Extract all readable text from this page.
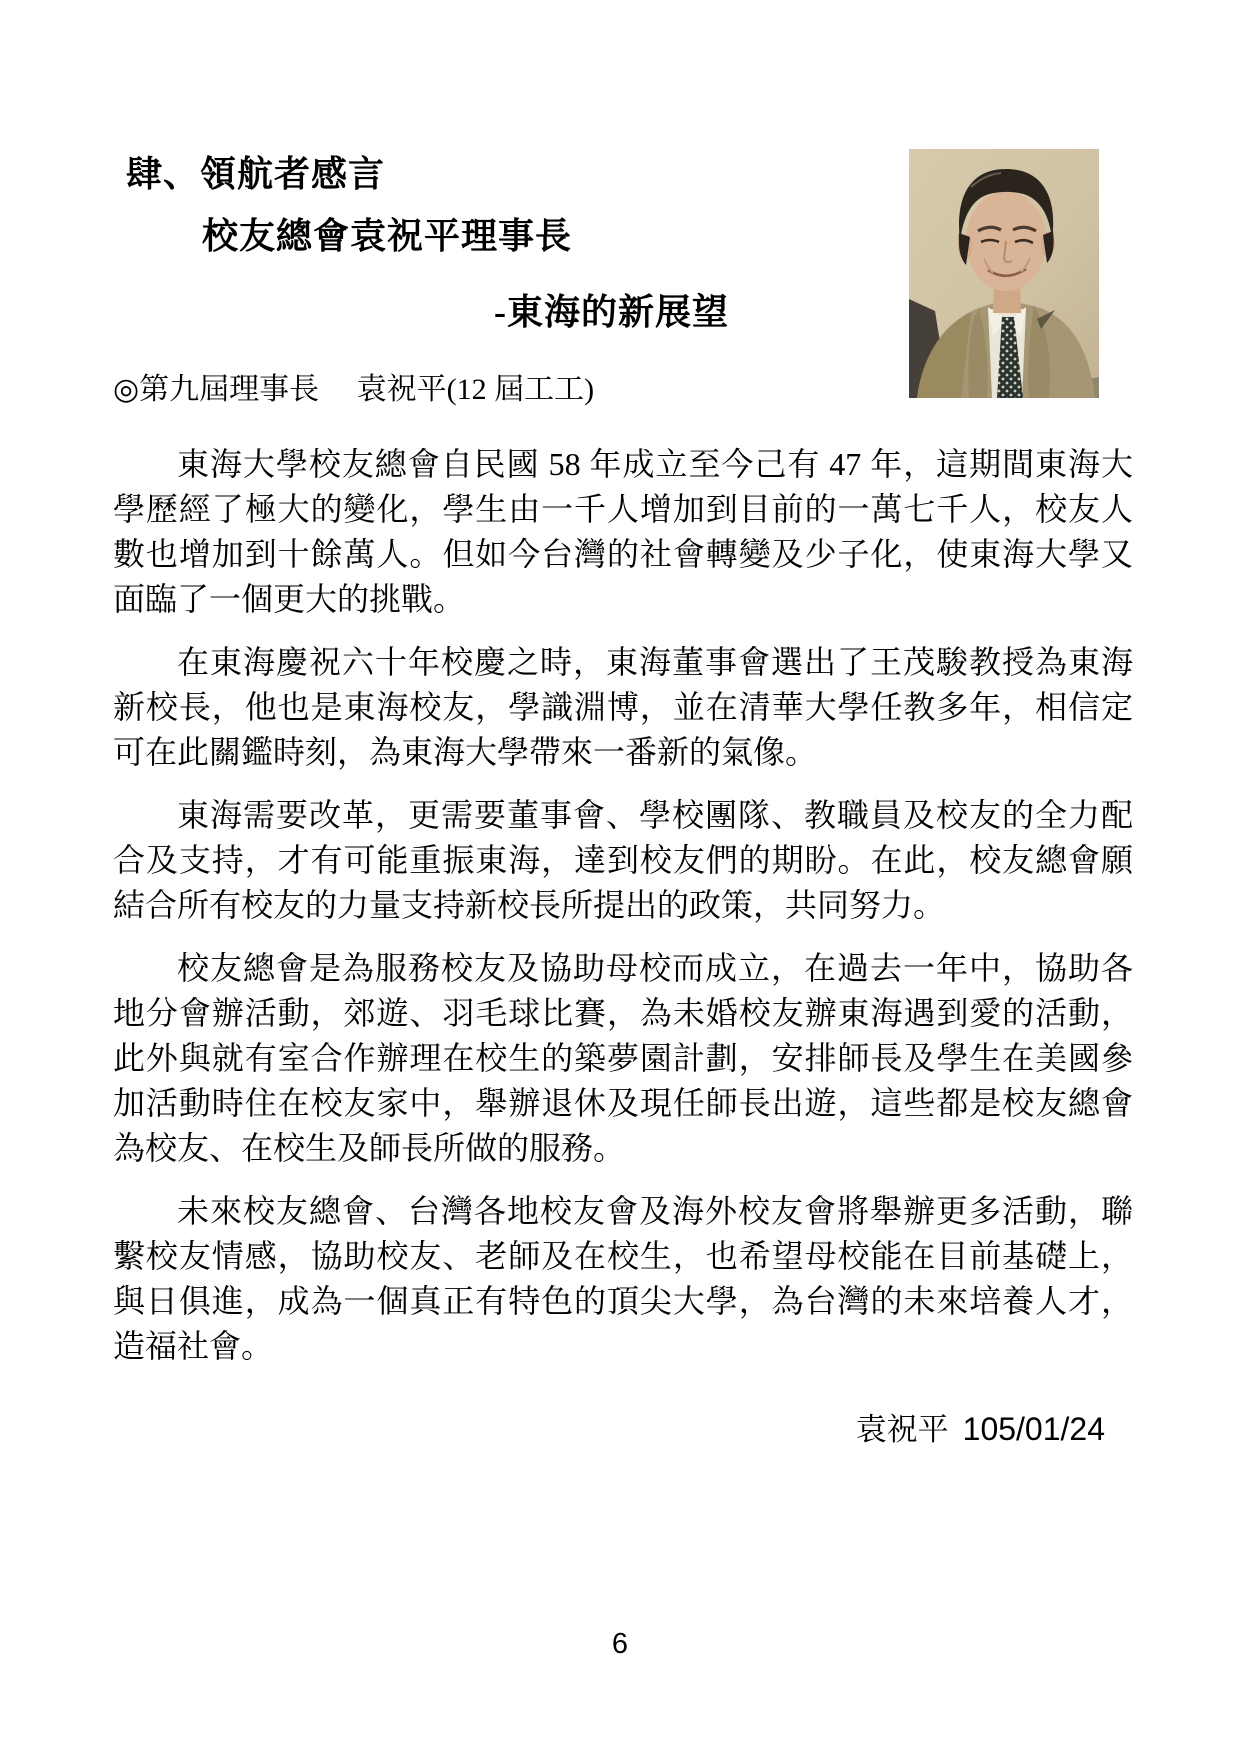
肆、領航者感言
校友總會袁祝平理事長
-東海的新展望
◎第九屆理事長　 袁祝平(12 屆工工)

東海大學校友總會自民國 58 年成立至今己有 47 年，這期間東海大學歷經了極大的變化，學生由一千人增加到目前的一萬七千人，校友人數也增加到十餘萬人。但如今台灣的社會轉變及少子化，使東海大學又面臨了一個更大的挑戰。

在東海慶祝六十年校慶之時，東海董事會選出了王茂駿教授為東海新校長，他也是東海校友，學識淵博，並在清華大學任教多年，相信定可在此關鑑時刻，為東海大學帶來一番新的氣像。

東海需要改革，更需要董事會、學校團隊、教職員及校友的全力配合及支持，才有可能重振東海，達到校友們的期盼。在此，校友總會願結合所有校友的力量支持新校長所提出的政策，共同努力。

校友總會是為服務校友及協助母校而成立，在過去一年中，協助各地分會辦活動，郊遊、羽毛球比賽，為未婚校友辦東海遇到愛的活動，此外與就有室合作辦理在校生的築夢園計劃，安排師長及學生在美國參加活動時住在校友家中，舉辦退休及現任師長出遊，這些都是校友總會為校友、在校生及師長所做的服務。

未來校友總會、台灣各地校友會及海外校友會將舉辦更多活動，聯繫校友情感，協助校友、老師及在校生，也希望母校能在目前基礎上，與日俱進，成為一個真正有特色的頂尖大學，為台灣的未來培養人才，造福社會。

袁祝平 105/01/24
6
